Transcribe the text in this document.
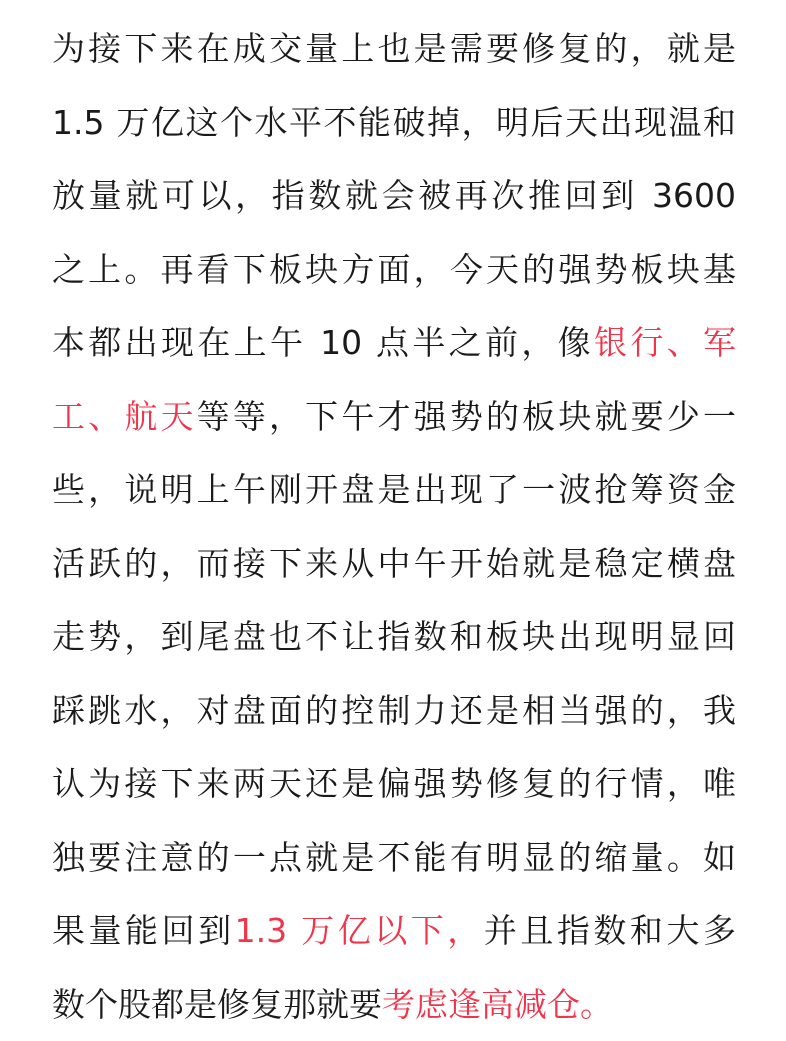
为接下来在成交量上也是需要修复的，就是
1.5 万亿这个水平不能破掉，明后天出现温和
放量就可以，指数就会被再次推回到 3600
之上。再看下板块方面，今天的强势板块基
本都出现在上午 10 点半之前，像银行、军
工、航天等等，下午才强势的板块就要少一
些，说明上午刚开盘是出现了一波抢筹资金
活跃的，而接下来从中午开始就是稳定横盘
走势，到尾盘也不让指数和板块出现明显回
踩跳水，对盘面的控制力还是相当强的，我
认为接下来两天还是偏强势修复的行情，唯
独要注意的一点就是不能有明显的缩量。如
果量能回到1.3 万亿以下，并且指数和大多
数个股都是修复那就要考虑逢高减仓。
